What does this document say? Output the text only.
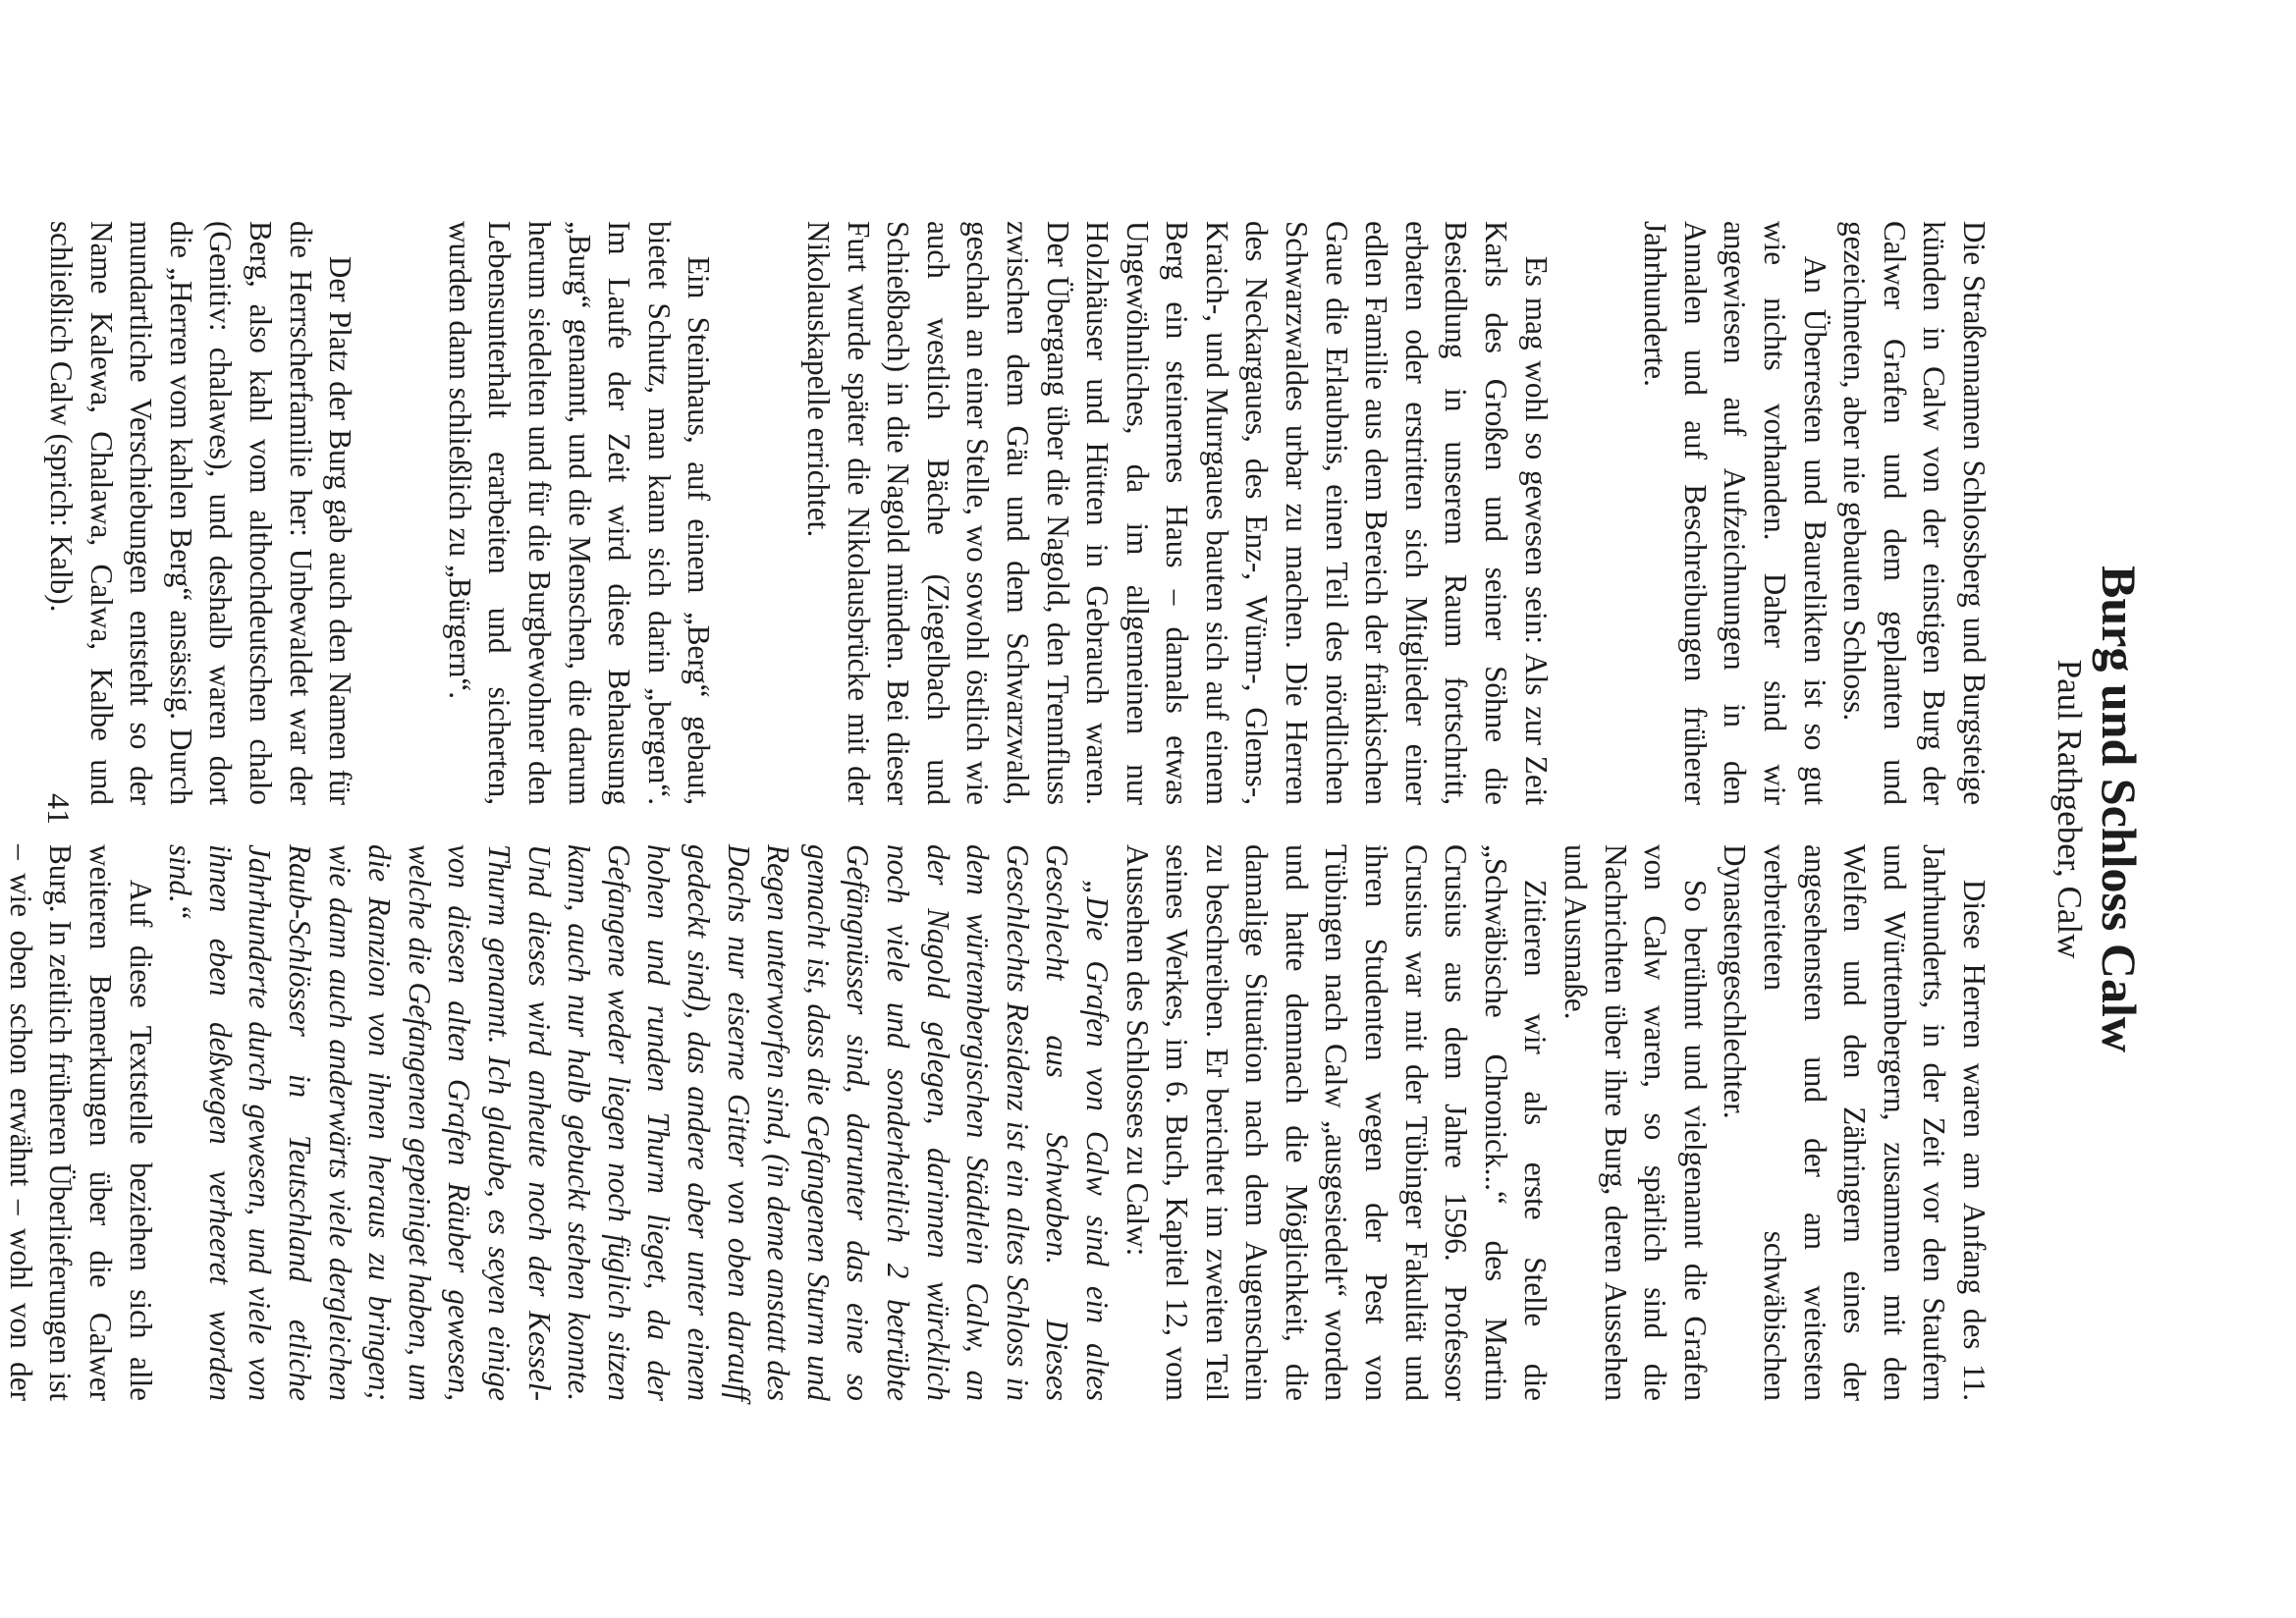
Burg und Schloss Calw
Paul Rathgeber, Calw

Die Straßennamen Schlossberg und Burgsteige künden in Calw von der einstigen Burg der Calwer Grafen und dem geplanten und gezeichneten, aber nie gebauten Schloss.

An Überresten und Baurelikten ist so gut wie nichts vorhanden. Daher sind wir angewiesen auf Aufzeichnungen in den Annalen und auf Beschreibungen früherer Jahrhunderte.

Es mag wohl so gewesen sein: Als zur Zeit Karls des Großen und seiner Söhne die Besiedlung in unserem Raum fortschritt, erbaten oder erstritten sich Mitglieder einer edlen Familie aus dem Bereich der fränkischen Gaue die Erlaubnis, einen Teil des nördlichen Schwarzwaldes urbar zu machen. Die Herren des Neckargaues, des Enz-, Würm-, Glems-, Kraich-, und Murrgaues bauten sich auf einem Berg ein steinernes Haus – damals etwas Ungewöhnliches, da im allgemeinen nur Holzhäuser und Hütten in Gebrauch waren. Der Übergang über die Nagold, den Trennfluss zwischen dem Gäu und dem Schwarzwald, geschah an einer Stelle, wo sowohl östlich wie auch westlich Bäche (Ziegelbach und Schießbach) in die Nagold münden. Bei dieser Furt wurde später die Nikolausbrücke mit der Nikolauskapelle errichtet.

Ein Steinhaus, auf einem „Berg“ gebaut, bietet Schutz, man kann sich darin „bergen“. Im Laufe der Zeit wird diese Behausung „Burg“ genannt, und die Menschen, die darum herum siedelten und für die Burgbewohner den Lebensunterhalt erarbeiten und sicherten, wurden dann schließlich zu „Bürgern“.

Der Platz der Burg gab auch den Namen für die Herrscherfamilie her: Unbewaldet war der Berg, also kahl vom althochdeutschen chalo (Genitiv: chalawes), und deshalb waren dort die „Herren vom kahlen Berg“ ansässig. Durch mundartliche Verschiebungen entsteht so der Name Kalewa, Chalawa, Calwa, Kalbe und schließlich Calw (sprich: Kalb).

Diese Herren waren am Anfang des 11. Jahrhunderts, in der Zeit vor den Staufern und Württembergern, zusammen mit den Welfen und den Zähringern eines der angesehensten und der am weitesten verbreiteten schwäbischen Dynastengeschlechter.

So berühmt und vielgenannt die Grafen von Calw waren, so spärlich sind die Nachrichten über ihre Burg, deren Aussehen und Ausmaße.

Zitieren wir als erste Stelle die „Schwäbische Chronick...“ des Martin Crusius aus dem Jahre 1596. Professor Crusius war mit der Tübinger Fakultät und ihren Studenten wegen der Pest von Tübingen nach Calw „ausgesiedelt“ worden und hatte demnach die Möglichkeit, die damalige Situation nach dem Augenschein zu beschreiben. Er berichtet im zweiten Teil seines Werkes, im 6. Buch, Kapitel 12, vom Aussehen des Schlosses zu Calw:

„Die Grafen von Calw sind ein altes Geschlecht aus Schwaben. Dieses Geschlechts Residenz ist ein altes Schloss in dem würtembergischen Städtlein Calw, an der Nagold gelegen, darinnen würcklich noch viele und sonderheitlich 2 betrübte Gefängnüsser sind, darunter das eine so gemacht ist, dass die Gefangenen Sturm und Regen unterworfen sind, (in deme anstatt des Dachs nur eiserne Gitter von oben darauff gedeckt sind), das andere aber unter einem hohen und runden Thurm lieget, da der Gefangene weder liegen noch füglich sitzen kann, auch nur halb gebuckt stehen konnte. Und dieses wird anheute noch der Kessel-Thurm genannt. Ich glaube, es seyen einige von diesen alten Grafen Räuber gewesen, welche die Gefangenen gepeiniget haben, um die Ranzion von ihnen heraus zu bringen; wie dann auch anderwärts viele dergleichen Raub-Schlösser in Teutschland etliche Jahrhunderte durch gewesen, und viele von ihnen eben deßwegen verheeret worden sind.“

Auf diese Textstelle beziehen sich alle weiteren Bemerkungen über die Calwer Burg. In zeitlich früheren Überlieferungen ist – wie oben schon erwähnt – wohl von der

41
